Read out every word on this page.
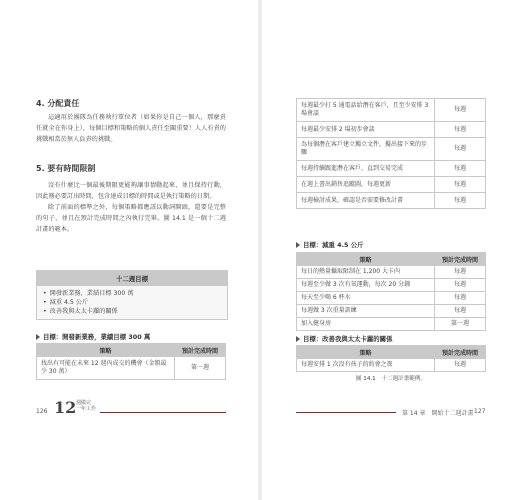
4. 分配責任

這適用於團隊為任務執行單位者（如果你是自己一個人，那麼責任就全在你身上），每個目標和策略的個人責任至關重要！人人有責的挑戰相當於無人負責的挑戰。

5. 要有時間限制

沒有什麼比一個最後期限更能夠讓事情動起來，並且保持行動，因此務必要訂出時間，包含達成目標的時間或是執行策略的日期。

除了前面的標準之外，每個策略都應該以動詞開頭，還要是完整的句子，並且在預計完成時間之內執行完畢。圖 14.1 是一個十二週計畫的範本。

十二週目標
• 開發新業務，業績目標 300 萬
• 減重 4.5 公斤
• 改善我與太太卡蘿的關係
目標：開發新業務，業績目標 300 萬
策略	預計完成時間
找出有可能在未來 12 週內成交的機會（金額最少 30 萬）	第一週
126 12 週做完
一年工作
每週最少打 5 通電話給潛在客戶，且至少安排 3 場會談	每週
每週最少安排 2 場初步會談	每週
為每個潛在客戶建立獨立文件，擬出接下來的步驟	每週
每週持續跟進潛在客戶，直到交易完成	每週
在週上書出銷售追蹤圖，每週更新	每週
每週檢討成果，確認是否需要修改計畫	每週
目標：減重 4.5 公斤
策略	預計完成時間
每日的熱量攝取限制在 1,200 大卡內	每週
每週至少做 3 次有氧運動，每次 20 分鐘	每週
每天至少喝 6 杯水	每週
每週做 3 次重量訓練	每週
加入健身房	第一週
目標：改善我與太太卡蘿的關係
策略	預計完成時間
每週安排 1 次沒有孩子的約會之夜	每週
圖 14.1　十二週計畫範例。
第 14 章　開始十二週計畫 127
